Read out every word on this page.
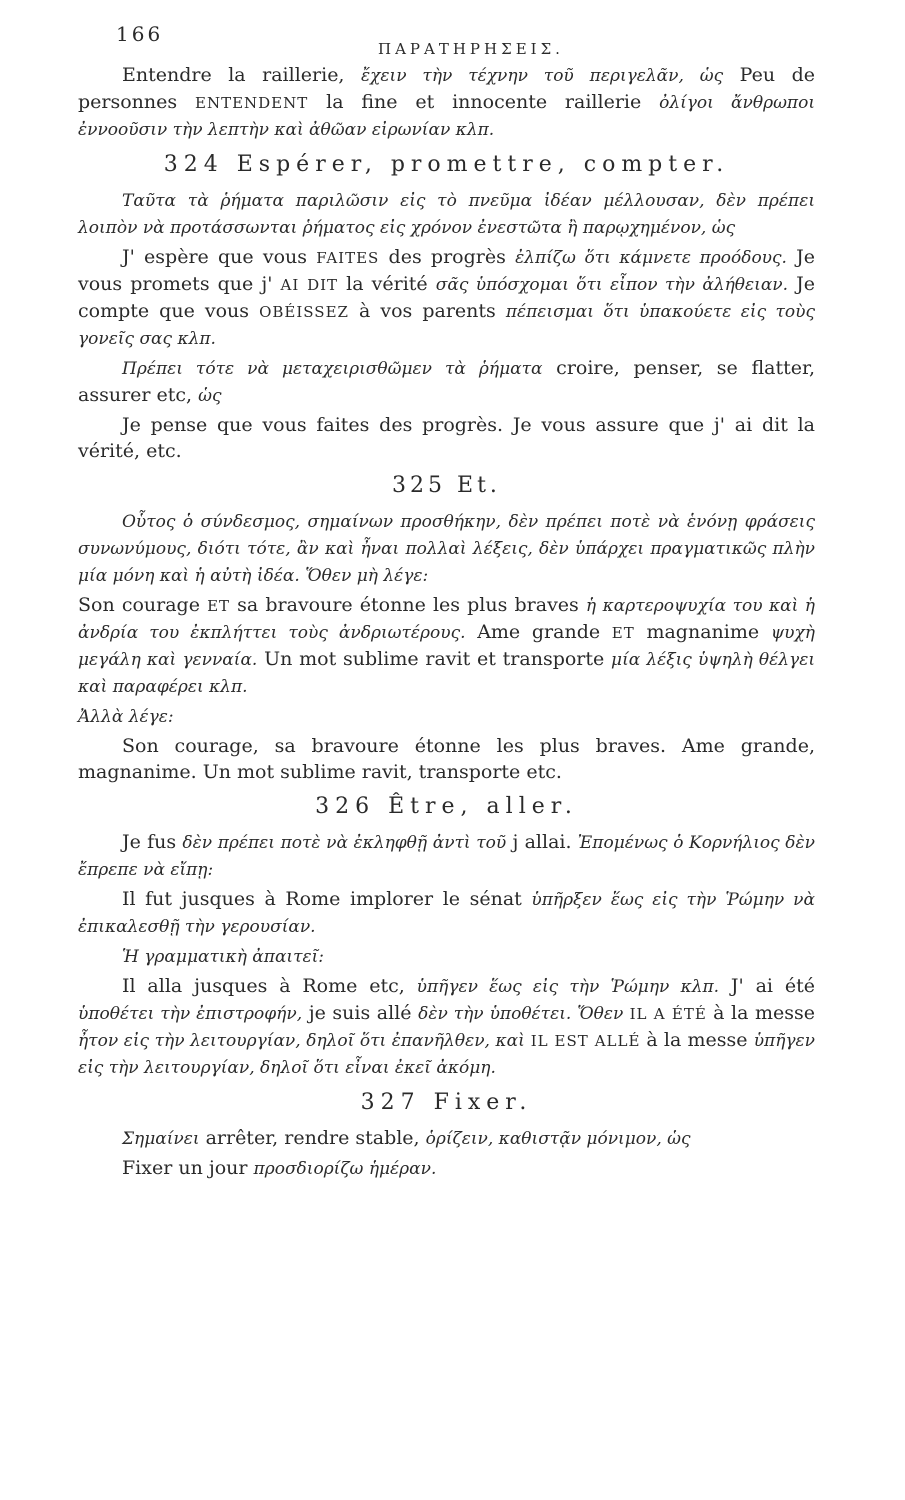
166
ΠΑΡΑΤΗΡΗΣΕΙΣ.

Entendre la raillerie, ἔχειν τὴν τέχνην τοῦ περιγελᾶν, ὡς Peu de personnes ENTENDENT la fine et innocente raillerie ὀλίγοι ἄνθρωποι ἐννοοῦσιν τὴν λεπτὴν καὶ ἀθῶαν εἰρωνίαν κλπ.

324 Espérer, promettre, compter.

Ταῦτα τὰ ῥήματα παριλῶσιν εἰς τὸ πνεῦμα ἰδέαν μέλλουσαν, δὲν πρέπει λοιπὸν νὰ προτάσσωνται ῥήματος εἰς χρόνον ἐνεστῶτα ἢ παρῳχημένον, ὡς

J' espère que vous FAITES des progrès ἐλπίζω ὅτι κάμνετε προόδους. Je vous promets que j' AI DIT la vérité σᾶς ὑπόσχομαι ὅτι εἶπον τὴν ἀλήθειαν. Je compte que vous OBÉISSEZ à vos parents πέπεισμαι ὅτι ὑπακούετε εἰς τοὺς γονεῖς σας κλπ.

Πρέπει τότε νὰ μεταχειρισθῶμεν τὰ ῥήματα croire, penser, se flatter, assurer etc, ὡς

Je pense que vous faites des progrès. Je vous assure que j' ai dit la vérité, etc.

325 Et.

Οὗτος ὁ σύνδεσμος, σημαίνων προσθήκην, δὲν πρέπει ποτὲ νὰ ἑνόνῃ φράσεις συνωνύμους, διότι τότε, ἂν καὶ ἦναι πολλαὶ λέξεις, δὲν ὑπάρχει πραγματικῶς πλὴν μία μόνη καὶ ἡ αὐτὴ ἰδέα. Ὅθεν μὴ λέγε:

Son courage ET sa bravoure étonne les plus braves ἡ καρτεροψυχία του καὶ ἡ ἀνδρία του ἐκπλήττει τοὺς ἀνδριωτέρους. Ame grande ET magnanime ψυχὴ μεγάλη καὶ γενναία. Un mot sublime ravit et transporte μία λέξις ὑψηλὴ θέλγει καὶ παραφέρει κλπ.

Ἀλλὰ λέγε:

Son courage, sa bravoure étonne les plus braves. Ame grande, magnanime. Un mot sublime ravit, transporte etc.

326 Être, aller.

Je fus δὲν πρέπει ποτὲ νὰ ἐκληφθῇ ἀντὶ τοῦ j allai. Ἐπομένως ὁ Κορνήλιος δὲν ἔπρεπε νὰ εἴπῃ:

Il fut jusques à Rome implorer le sénat ὑπῆρξεν ἕως εἰς τὴν Ῥώμην νὰ ἐπικαλεσθῇ τὴν γερουσίαν.

Ἡ γραμματικὴ ἀπαιτεῖ:

Il alla jusques à Rome etc, ὑπῆγεν ἕως εἰς τὴν Ῥώμην κλπ. J' ai été ὑποθέτει τὴν ἐπιστροφήν, je suis allé δὲν τὴν ὑποθέτει. Ὅθεν IL A ÉTÉ à la messe ἦτον εἰς τὴν λειτουργίαν, δηλοῖ ὅτι ἐπανῆλθεν, καὶ IL EST ALLÉ à la messe ὑπῆγεν εἰς τὴν λειτουργίαν, δηλοῖ ὅτι εἶναι ἐκεῖ ἀκόμη.

327 Fixer.

Σημαίνει arrêter, rendre stable, ὁρίζειν, καθιστᾷν μόνιμον, ὡς

Fixer un jour προσδιορίζω ἡμέραν.
